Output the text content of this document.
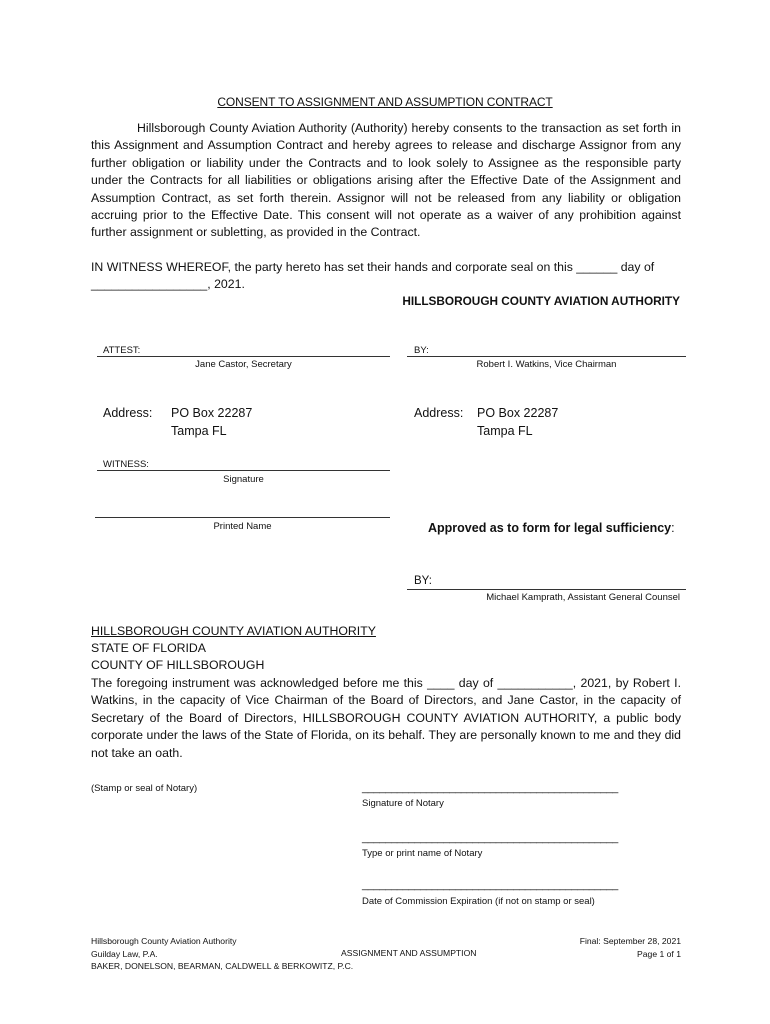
CONSENT TO ASSIGNMENT AND ASSUMPTION CONTRACT
Hillsborough County Aviation Authority (Authority) hereby consents to the transaction as set forth in this Assignment and Assumption Contract and hereby agrees to release and discharge Assignor from any further obligation or liability under the Contracts and to look solely to Assignee as the responsible party under the Contracts for all liabilities or obligations arising after the Effective Date of the Assignment and Assumption Contract, as set forth therein. Assignor will not be released from any liability or obligation accruing prior to the Effective Date. This consent will not operate as a waiver of any prohibition against further assignment or subletting, as provided in the Contract.
IN WITNESS WHEREOF, the party hereto has set their hands and corporate seal on this ______ day of _________________, 2021.
HILLSBOROUGH COUNTY AVIATION AUTHORITY
ATTEST:
Jane Castor, Secretary
BY:
Robert I. Watkins, Vice Chairman
Address: PO Box 22287
Tampa FL
Address: PO Box 22287
Tampa FL
WITNESS:
Signature
Printed Name	Approved as to form for legal sufficiency:
BY:
Michael Kamprath, Assistant General Counsel
HILLSBOROUGH COUNTY AVIATION AUTHORITY
STATE OF FLORIDA
COUNTY OF HILLSBOROUGH
The foregoing instrument was acknowledged before me this ____ day of ___________, 2021, by Robert I. Watkins, in the capacity of Vice Chairman of the Board of Directors, and Jane Castor, in the capacity of Secretary of the Board of Directors, HILLSBOROUGH COUNTY AVIATION AUTHORITY, a public body corporate under the laws of the State of Florida, on its behalf. They are personally known to me and they did not take an oath.
(Stamp or seal of Notary)	____________________________________________
Signature of Notary
____________________________________________
Type or print name of Notary
____________________________________________
Date of Commission Expiration (if not on stamp or seal)
Hillsborough County Aviation Authority
Guilday Law, P.A.
BAKER, DONELSON, BEARMAN, CALDWELL & BERKOWITZ, P.C.
ASSIGNMENT AND ASSUMPTION
Final: September 28, 2021
Page 1 of 1
